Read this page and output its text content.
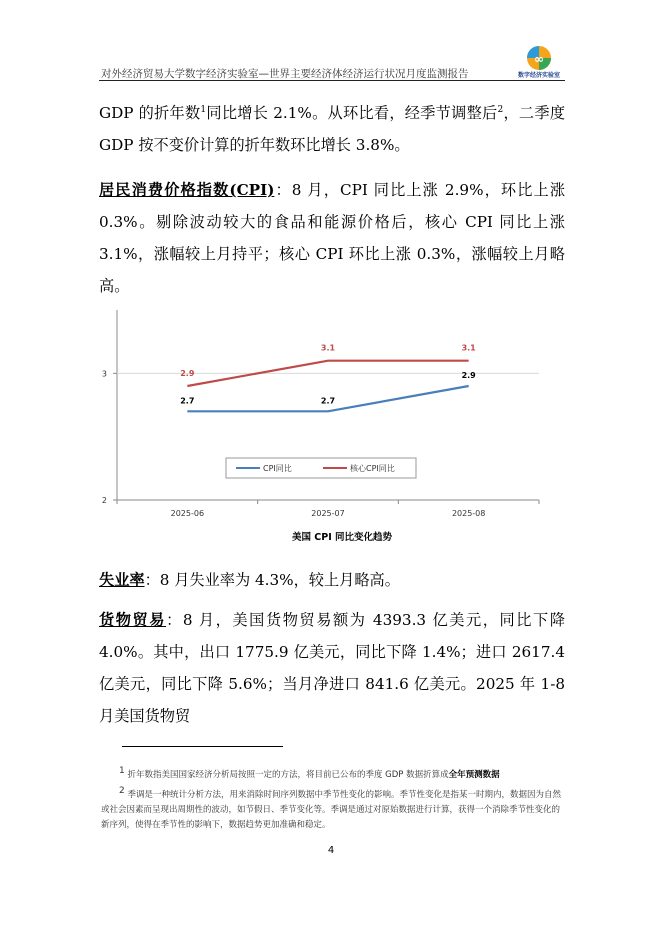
对外经济贸易大学数字经济实验室—世界主要经济体经济运行状况月度监测报告
∞
数字经济实验室

GDP 的折年数$^1$同比增长 2.1%。从环比看，经季节调整后$^2$，二季度 GDP 按不变价计算的折年数环比增长 3.8%。

居民消费价格指数(CPI)：8 月，CPI 同比上涨 2.9%，环比上涨 0.3%。剔除波动较大的食品和能源价格后，核心 CPI 同比上涨 3.1%，涨幅较上月持平；核心 CPI 环比上涨 0.3%，涨幅较上月略高。

2
3
2025-06	2025-07	2025-08
2.7	2.7
2.9
2.9
3.1	3.1
CPI同比	核心CPI同比
美国 CPI 同比变化趋势

失业率：8 月失业率为 4.3%，较上月略高。

货物贸易：8 月，美国货物贸易额为 4393.3 亿美元，同比下降 4.0%。其中，出口 1775.9 亿美元，同比下降 1.4%；进口 2617.4 亿美元，同比下降 5.6%；当月净进口 841.6 亿美元。2025 年 1-8 月美国货物贸

$^1$ 折年数指美国国家经济分析局按照一定的方法，将目前已公布的季度 GDP 数据折算成全年预测数据
$^2$ 季调是一种统计分析方法，用来消除时间序列数据中季节性变化的影响。季节性变化是指某一时期内，数据因为自然或社会因素而呈现出周期性的波动，如节假日、季节变化等。季调是通过对原始数据进行计算，获得一个消除季节性变化的新序列，使得在季节性的影响下，数据趋势更加准确和稳定。
4
